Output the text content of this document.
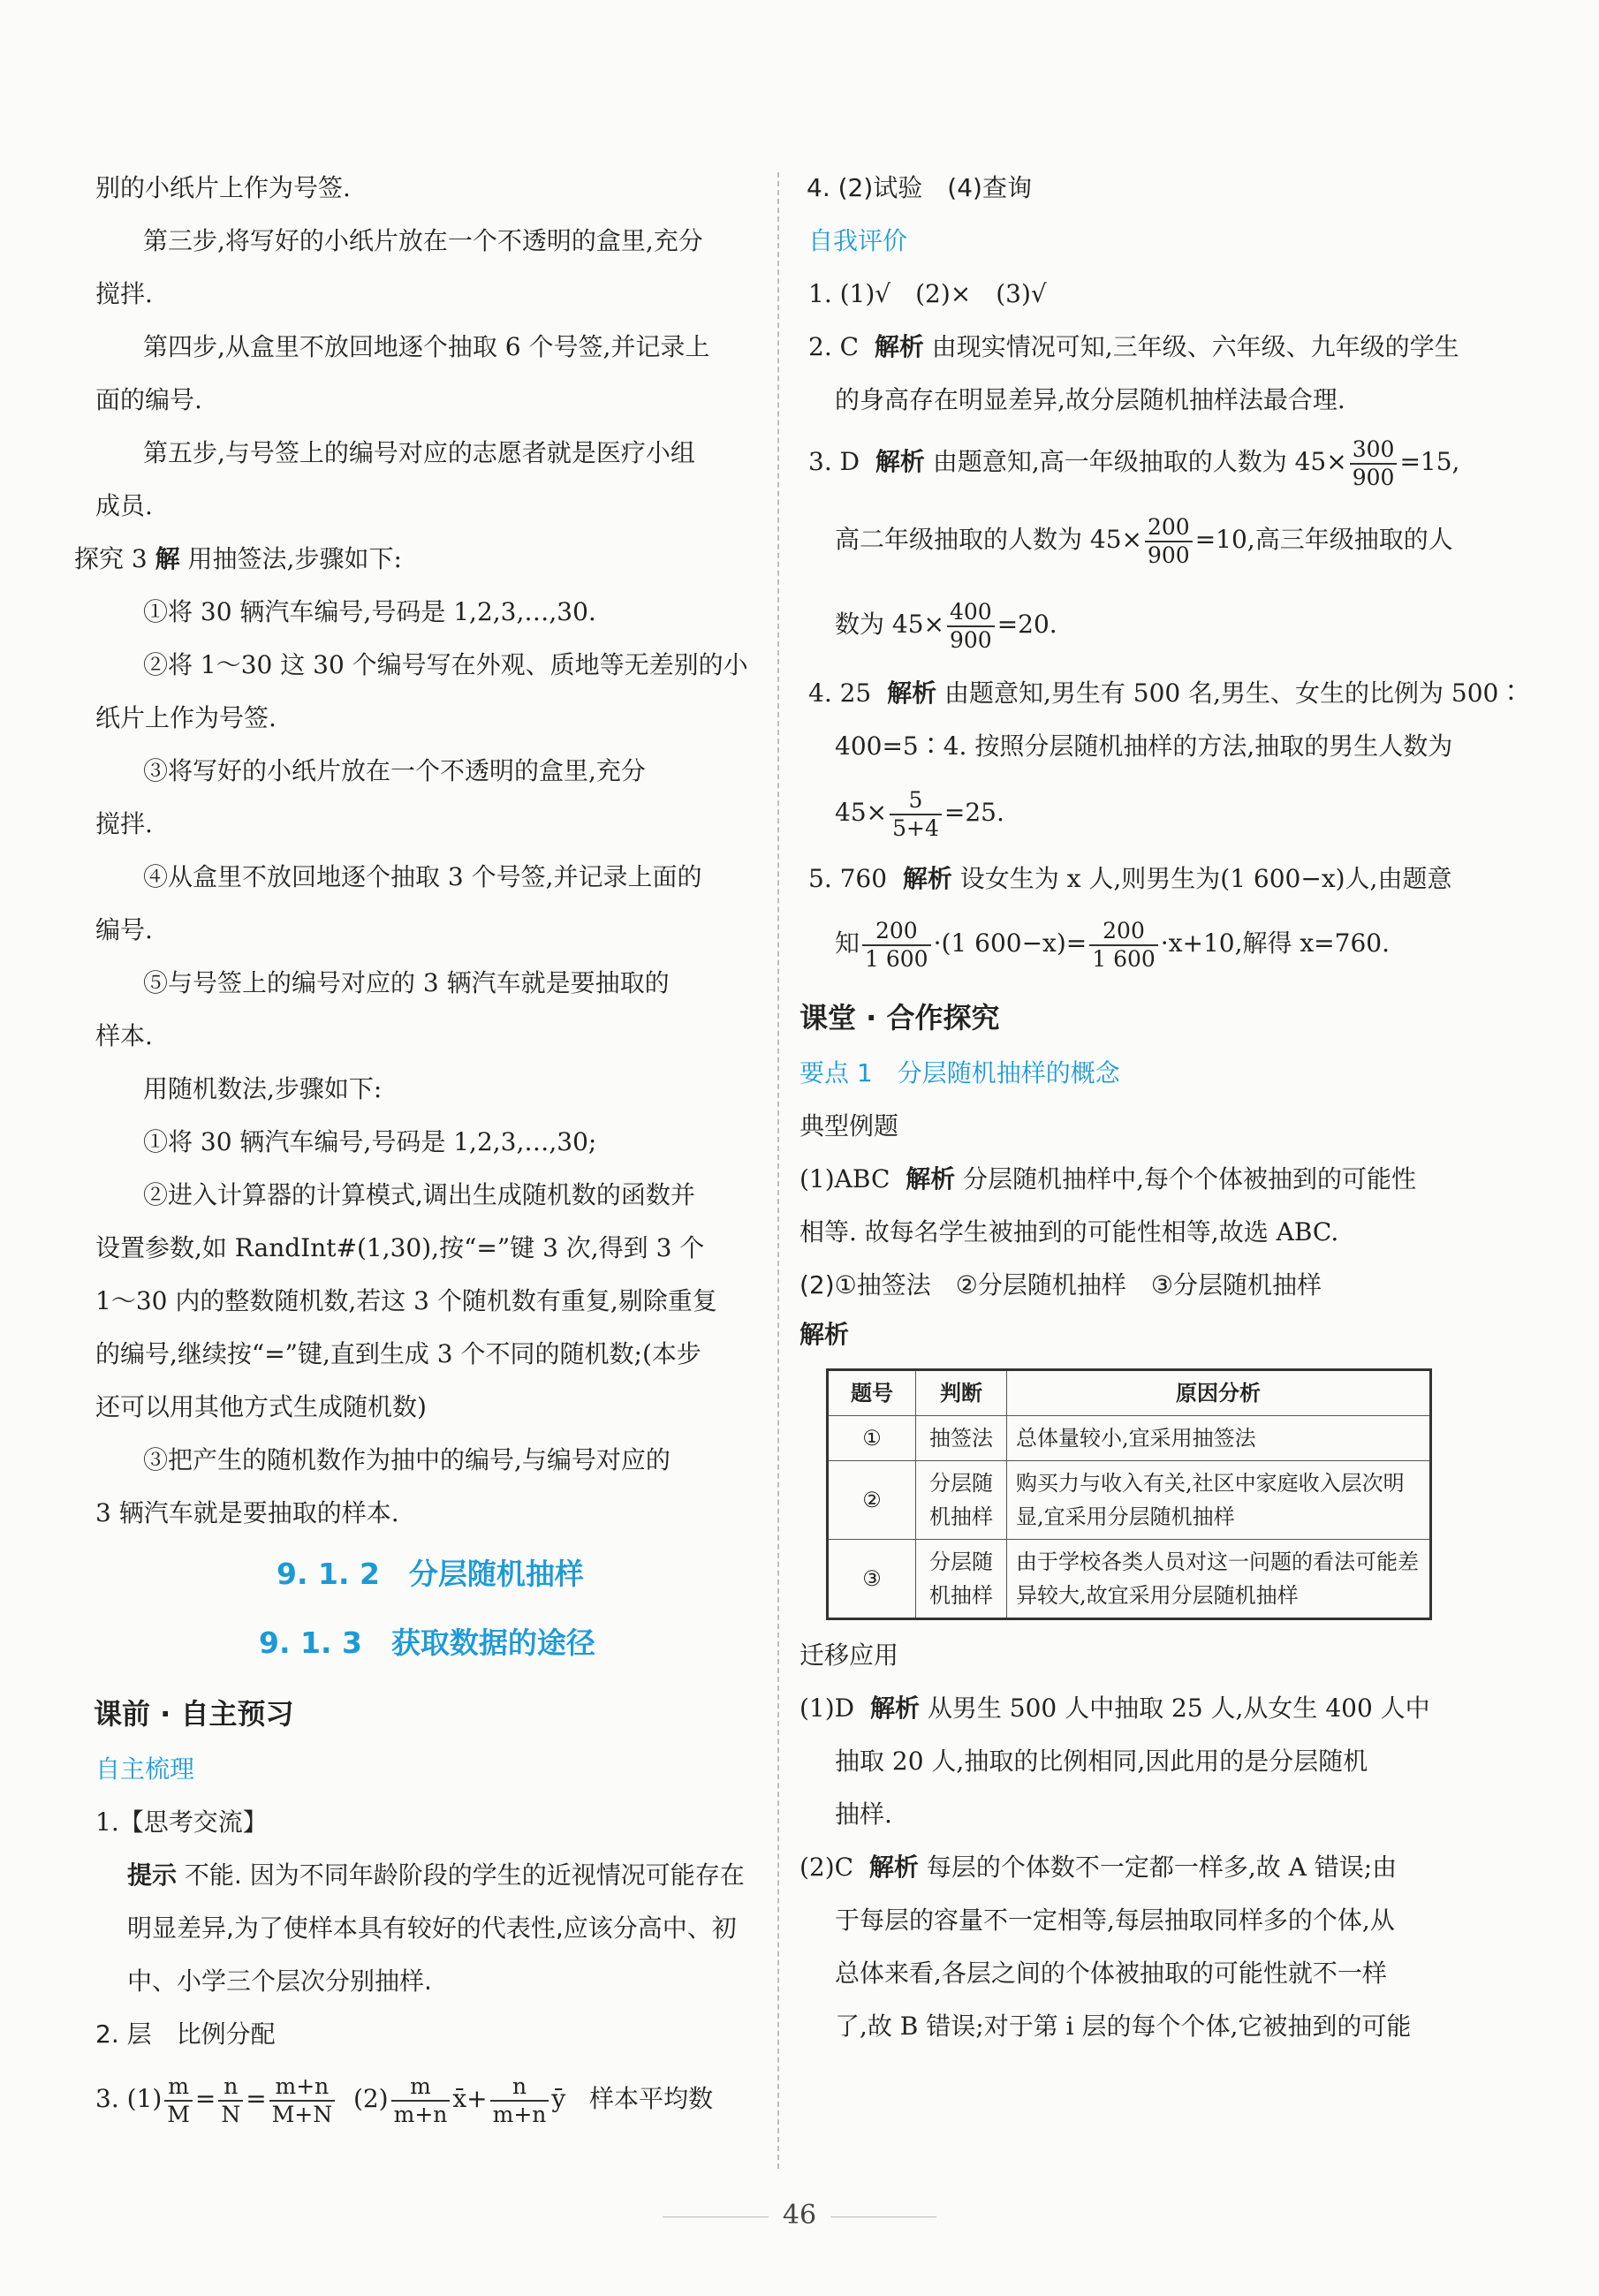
别的小纸片上作为号签.

第三步,将写好的小纸片放在一个不透明的盒里,充分

搅拌.

第四步,从盒里不放回地逐个抽取 6 个号签,并记录上

面的编号.

第五步,与号签上的编号对应的志愿者就是医疗小组

成员.

探究 3 解 用抽签法,步骤如下:

①将 30 辆汽车编号,号码是 1,2,3,…,30.

②将 1～30 这 30 个编号写在外观、质地等无差别的小

纸片上作为号签.

③将写好的小纸片放在一个不透明的盒里,充分

搅拌.

④从盒里不放回地逐个抽取 3 个号签,并记录上面的

编号.

⑤与号签上的编号对应的 3 辆汽车就是要抽取的

样本.

用随机数法,步骤如下:

①将 30 辆汽车编号,号码是 1,2,3,…,30;

②进入计算器的计算模式,调出生成随机数的函数并

设置参数,如 RandInt#(1,30),按“=”键 3 次,得到 3 个

1～30 内的整数随机数,若这 3 个随机数有重复,剔除重复

的编号,继续按“=”键,直到生成 3 个不同的随机数;(本步

还可以用其他方式生成随机数)

③把产生的随机数作为抽中的编号,与编号对应的

3 辆汽车就是要抽取的样本.

9. 1. 2　分层随机抽样
9. 1. 3　获取数据的途径
课前 · 自主预习
自主梳理

1.【思考交流】

提示 不能. 因为不同年龄阶段的学生的近视情况可能存在

明显差异,为了使样本具有较好的代表性,应该分高中、初

中、小学三个层次分别抽样.

2. 层　比例分配

3. $(1) \frac{m}{M} = \frac{n}{N} = \frac{m+n}{M+N} (2) \frac{m}{m+n}$ x̄+ $\frac{n}{m+n}$ ȳ 样本平均数

4. (2)试验　(4)查询

自我评价

1. (1)√　(2)×　(3)√

2. C 解析 由现实情况可知,三年级、六年级、九年级的学生

的身高存在明显差异,故分层随机抽样法最合理.

3. D 解析 由题意知,高一年级抽取的人数为 $45\times \frac{300}{900} =15$,

高二年级抽取的人数为 $45\times \frac{200}{900} =10$,高三年级抽取的人

数为 $45\times \frac{400}{900} =20$.

4. 25 解析 由题意知,男生有 500 名,男生、女生的比例为 500∶

400=5∶4. 按照分层随机抽样的方法,抽取的男生人数为

$45\times \frac{5}{5+4} =25$.

5. 760 解析 设女生为 x 人,则男生为(1 600−x)人,由题意

知 $\frac{200}{1 600} \cdot(1$ $600-x)= \frac{200}{1 600} \cdot x+10$,解得 x=760.

课堂 · 合作探究
要点 1　分层随机抽样的概念

典型例题

(1)ABC 解析 分层随机抽样中,每个个体被抽到的可能性

相等. 故每名学生被抽到的可能性相等,故选 ABC.

(2)①抽签法　②分层随机抽样　③分层随机抽样

解析

题号	判断	原因分析
①	抽签法	总体量较小,宜采用抽签法
②	分层随机抽样	购买力与收入有关,社区中家庭收入层次明显,宜采用分层随机抽样
③	分层随机抽样	由于学校各类人员对这一问题的看法可能差异较大,故宜采用分层随机抽样

迁移应用

(1)D 解析 从男生 500 人中抽取 25 人,从女生 400 人中

抽取 20 人,抽取的比例相同,因此用的是分层随机

抽样.

(2)C 解析 每层的个体数不一定都一样多,故 A 错误;由

于每层的容量不一定相等,每层抽取同样多的个体,从

总体来看,各层之间的个体被抽取的可能性就不一样

了,故 B 错误;对于第 i 层的每个个体,它被抽到的可能

46
